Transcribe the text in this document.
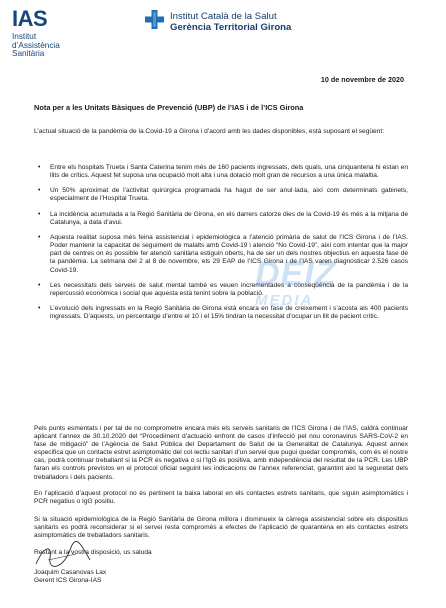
IAS
Institut
d’Assistència
Sanitària
Institut Català de la Salut
Gerència Territorial Girona
10 de novembre de 2020
Nota per a les Unitats Bàsiques de Prevenció (UBP) de l’IAS i de l’ICS Girona
L’actual situació de la pandèmia de la Covid-19 a Girona i d’acord amb les dades disponibles, està suposant el següent:
• Entre els hospitals Trueta i Santa Caterina tenim més de 160 pacients ingressats, dels quals, una cinquantena hi estan en llits de crítics. Aquest fet suposa una ocupació molt alta i una dotació molt gran de recursos a una única malaltia.
• Un 50% aproximat de l’activitat quirúrgica programada ha hagut de ser anul·lada, així com determinats gabinets, especialment de l’Hospital Trueta.
• La incidència acumulada a la Regió Sanitària de Girona, en els darrers catorze dies de la Covid-19 és més a la mitjana de Catalunya, a data d’avui.
• Aquesta realitat suposa més feina assistencial i epidemiològica a l’atenció primària de salut de l’ICS Girona i de l’IAS. Poder mantenir la capacitat de seguiment de malalts amb Covid-19 i atenció “No Covid-19”, així com intentar que la major part de centres on és possible fer atenció sanitària estiguin oberts, ha de ser un dels nostres objectius en aquesta fase de la pandèmia. La setmana del 2 al 8 de novembre, els 29 EAP de l’ICS Girona i de l’IAS varen diagnosticar 2.526 casos Covid-19.
• Les necessitats dels serveis de salut mental també es veuen incrementades a conseqüència de la pandèmia i de la repercussió econòmica i social que aquesta està tenint sobre la població.
• L’evolució dels ingressats en la Regió Sanitària de Girona està encara en fase de creixement i s’acosta als 400 pacients ingressats. D’aquests, un percentatge d’entre el 10 i el 15% tindran la necessitat d’ocupar un llit de pacient crític.
Pels punts esmentats i per tal de no comprometre encara més els serveis sanitaris de l’ICS Girona i de l’IAS, caldrà continuar aplicant l’annex de 30.10.2020 del “Procediment d’actuació enfront de casos d’infecció pel nou coronavirus SARS-CoV-2 en fase de mitigació” de l’Agència de Salut Pública del Departament de Salut de la Generalitat de Catalunya. Aquest annex especifica que un contacte estret asimptomàtic del col·lectiu sanitari d’un servei que pugui quedar compromès, com és el nostre cas, podrà continuar treballant si la PCR és negativa o si l’IgG és positiva, amb independència del resultat de la PCR. Les UBP faran els controls previstos en el protocol oficial seguint les indicacions de l’annex referenciat, garantint així la seguretat dels treballadors i dels pacients.
En l’aplicació d’aquest protocol no és pertinent la baixa laboral en els contactes estrets sanitaris, que siguin asimptomàtics i PCR negatius o IgG positiu.
Si la situació epidemiològica de la Regió Sanitària de Girona millora i disminueix la càrrega assistencial sobre els dispositius sanitaris es podrà reconsiderar si el servei resta compromès a efectes de l’aplicació de quarantena en els contactes estrets asimptomàtics de treballadors sanitaris.
Restant a la vostra disposició, us saluda
Joaquim Casanovas Lax
Gerent ICS Girona-IAS
DEIZ
MEDIA
